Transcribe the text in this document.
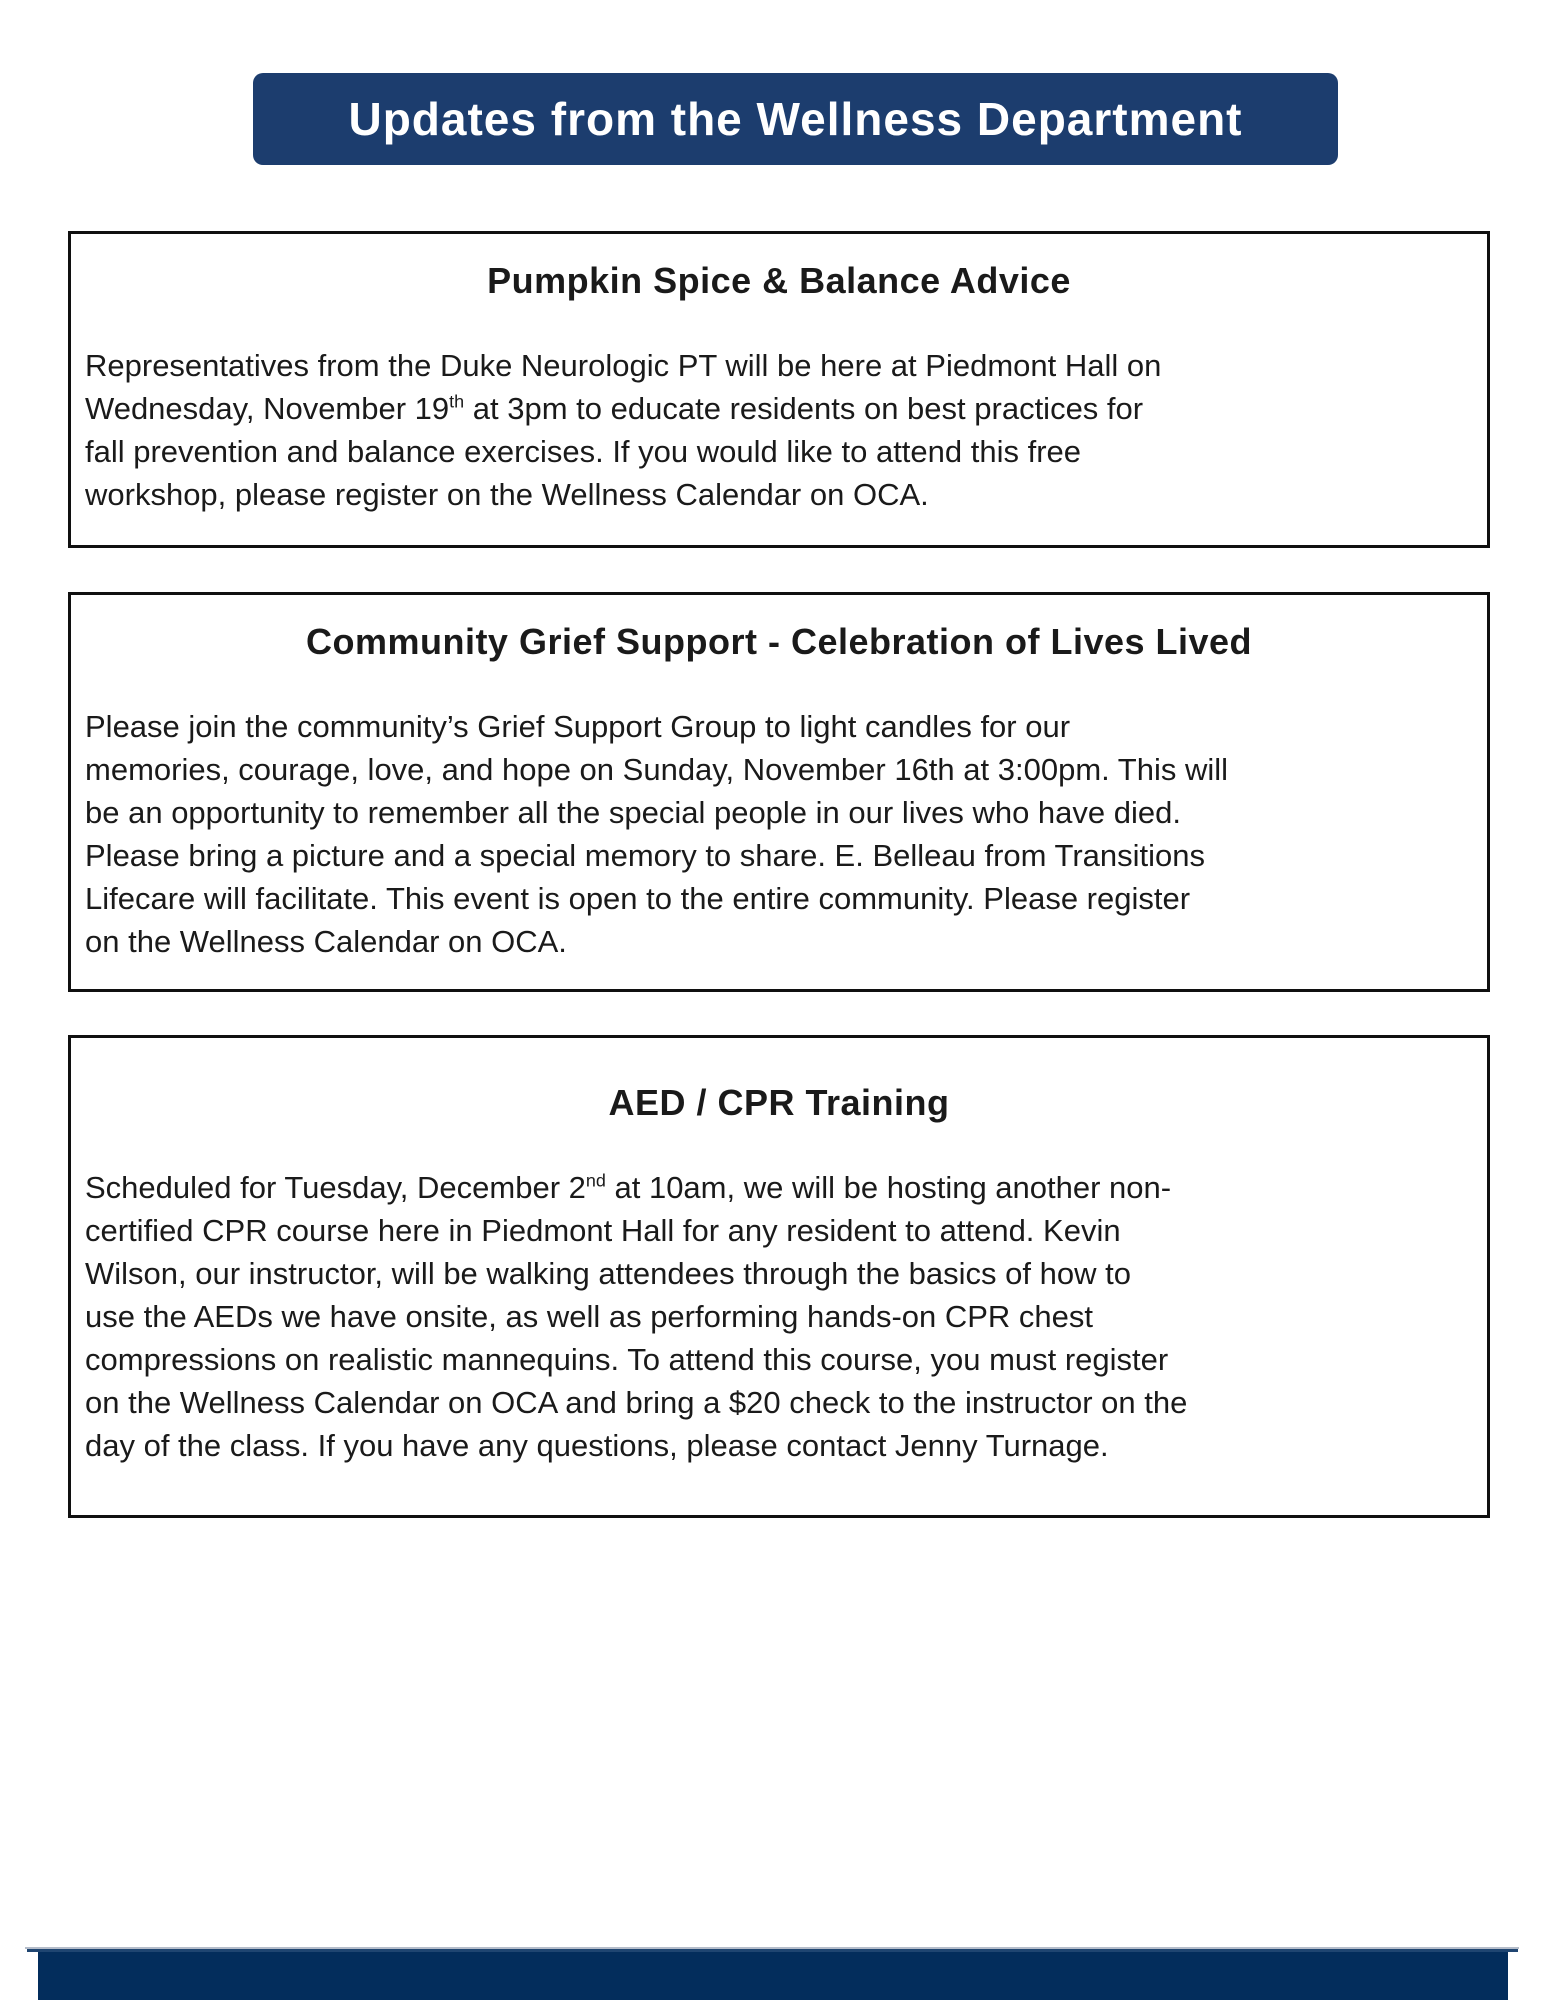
Updates from the Wellness Department
Pumpkin Spice & Balance Advice
Representatives from the Duke Neurologic PT will be here at Piedmont Hall on
Wednesday, November 19th at 3pm to educate residents on best practices for
fall prevention and balance exercises. If you would like to attend this free
workshop, please register on the Wellness Calendar on OCA.
Community Grief Support - Celebration of Lives Lived
Please join the community’s Grief Support Group to light candles for our
memories, courage, love, and hope on Sunday, November 16th at 3:00pm. This will
be an opportunity to remember all the special people in our lives who have died.
Please bring a picture and a special memory to share. E. Belleau from Transitions
Lifecare will facilitate. This event is open to the entire community. Please register
on the Wellness Calendar on OCA.
AED / CPR Training
Scheduled for Tuesday, December 2nd at 10am, we will be hosting another non-
certified CPR course here in Piedmont Hall for any resident to attend. Kevin
Wilson, our instructor, will be walking attendees through the basics of how to
use the AEDs we have onsite, as well as performing hands-on CPR chest
compressions on realistic mannequins. To attend this course, you must register
on the Wellness Calendar on OCA and bring a $20 check to the instructor on the
day of the class. If you have any questions, please contact Jenny Turnage.
